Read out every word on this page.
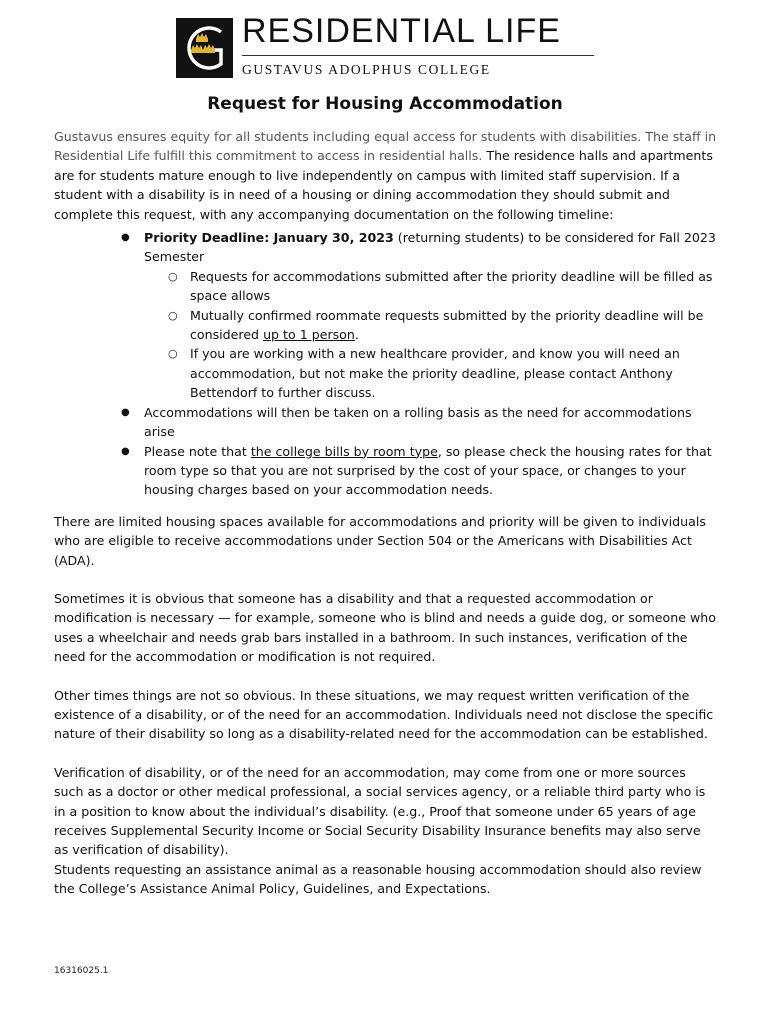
RESIDENTIAL LIFE
GUSTAVUS ADOLPHUS COLLEGE
Request for Housing Accommodation

Gustavus ensures equity for all students including equal access for students with disabilities. The staff in Residential Life fulfill this commitment to access in residential halls. The residence halls and apartments are for students mature enough to live independently on campus with limited staff supervision. If a student with a disability is in need of a housing or dining accommodation they should submit and complete this request, with any accompanying documentation on the following timeline:

● Priority Deadline: January 30, 2023 (returning students) to be considered for Fall 2023 Semester
○ Requests for accommodations submitted after the priority deadline will be filled as space allows
○ Mutually confirmed roommate requests submitted by the priority deadline will be considered up to 1 person.
○ If you are working with a new healthcare provider, and know you will need an accommodation, but not make the priority deadline, please contact Anthony Bettendorf to further discuss.
● Accommodations will then be taken on a rolling basis as the need for accommodations arise
● Please note that the college bills by room type, so please check the housing rates for that room type so that you are not surprised by the cost of your space, or changes to your housing charges based on your accommodation needs.

There are limited housing spaces available for accommodations and priority will be given to individuals who are eligible to receive accommodations under Section 504 or the Americans with Disabilities Act (ADA).

Sometimes it is obvious that someone has a disability and that a requested accommodation or modification is necessary — for example, someone who is blind and needs a guide dog, or someone who uses a wheelchair and needs grab bars installed in a bathroom. In such instances, verification of the need for the accommodation or modification is not required.

Other times things are not so obvious. In these situations, we may request written verification of the existence of a disability, or of the need for an accommodation. Individuals need not disclose the specific nature of their disability so long as a disability-related need for the accommodation can be established.

Verification of disability, or of the need for an accommodation, may come from one or more sources such as a doctor or other medical professional, a social services agency, or a reliable third party who is in a position to know about the individual’s disability. (e.g., Proof that someone under 65 years of age receives Supplemental Security Income or Social Security Disability Insurance benefits may also serve as verification of disability).

Students requesting an assistance animal as a reasonable housing accommodation should also review the College’s Assistance Animal Policy, Guidelines, and Expectations.

16316025.1
